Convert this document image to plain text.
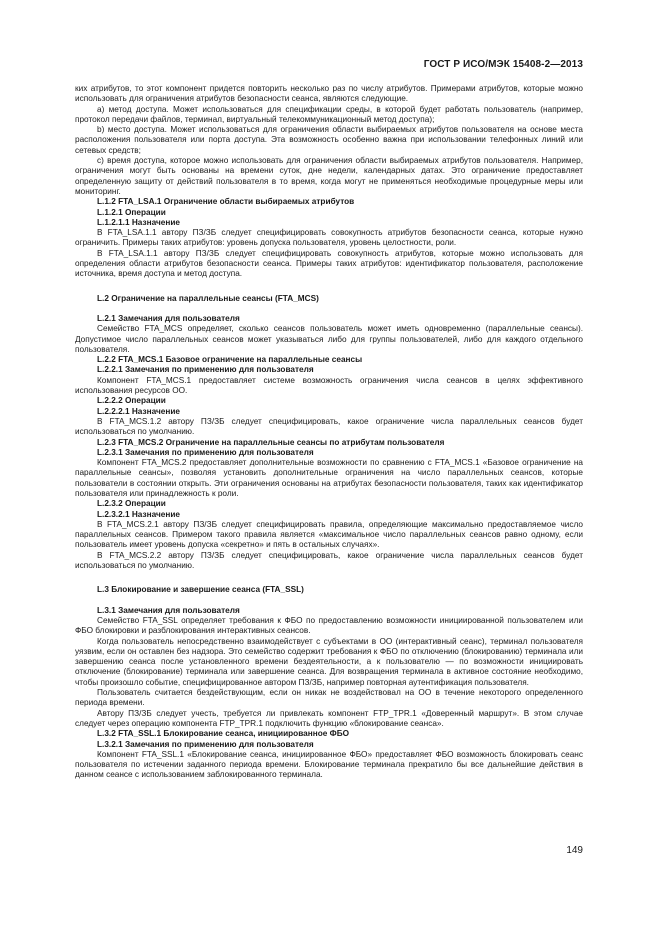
ГОСТ Р ИСО/МЭК 15408-2—2013

ких атрибутов, то этот компонент придется повторить несколько раз по числу атрибутов. Примерами атрибутов, которые можно использовать для ограничения атрибутов безопасности сеанса, являются следующие.

а) метод доступа. Может использоваться для спецификации среды, в которой будет работать пользователь (например, протокол передачи файлов, терминал, виртуальный телекоммуникационный метод доступа);

b) место доступа. Может использоваться для ограничения области выбираемых атрибутов пользователя на основе места расположения пользователя или порта доступа. Эта возможность особенно важна при использовании телефонных линий или сетевых средств;

с) время доступа, которое можно использовать для ограничения области выбираемых атрибутов пользователя. Например, ограничения могут быть основаны на времени суток, дне недели, календарных датах. Это ограничение предоставляет определенную защиту от действий пользователя в то время, когда могут не применяться необходимые процедурные меры или мониторинг.

L.1.2 FTA_LSA.1 Ограничение области выбираемых атрибутов

L.1.2.1 Операции

L.1.2.1.1 Назначение

В FTA_LSA.1.1 автору ПЗ/ЗБ следует специфицировать совокупность атрибутов безопасности сеанса, которые нужно ограничить. Примеры таких атрибутов: уровень допуска пользователя, уровень целостности, роли.

В FTA_LSA.1.1 автору ПЗ/ЗБ следует специфицировать совокупность атрибутов, которые можно использовать для определения области атрибутов безопасности сеанса. Примеры таких атрибутов: идентификатор пользователя, расположение источника, время доступа и метод доступа.

L.2 Ограничение на параллельные сеансы (FTA_MCS)

L.2.1 Замечания для пользователя

Семейство FTA_MCS определяет, сколько сеансов пользователь может иметь одновременно (параллельные сеансы). Допустимое число параллельных сеансов может указываться либо для группы пользователей, либо для каждого отдельного пользователя.

L.2.2 FTA_MCS.1 Базовое ограничение на параллельные сеансы

L.2.2.1 Замечания по применению для пользователя

Компонент FTA_MCS.1 предоставляет системе возможность ограничения числа сеансов в целях эффективного использования ресурсов ОО.

L.2.2.2 Операции

L.2.2.2.1 Назначение

В FTA_MCS.1.2 автору ПЗ/ЗБ следует специфицировать, какое ограничение числа параллельных сеансов будет использоваться по умолчанию.

L.2.3 FTA_MCS.2 Ограничение на параллельные сеансы по атрибутам пользователя

L.2.3.1 Замечания по применению для пользователя

Компонент FTA_MCS.2 предоставляет дополнительные возможности по сравнению с FTA_MCS.1 «Базовое ограничение на параллельные сеансы», позволяя установить дополнительные ограничения на число параллельных сеансов, которые пользователи в состоянии открыть. Эти ограничения основаны на атрибутах безопасности пользователя, таких как идентификатор пользователя или принадлежность к роли.

L.2.3.2 Операции

L.2.3.2.1 Назначение

В FTA_MCS.2.1 автору ПЗ/ЗБ следует специфицировать правила, определяющие максимально предоставляемое число параллельных сеансов. Примером такого правила является «максимальное число параллельных сеансов равно одному, если пользователь имеет уровень допуска «секретно» и пять в остальных случаях».

В FTA_MCS.2.2 автору ПЗ/ЗБ следует специфицировать, какое ограничение числа параллельных сеансов будет использоваться по умолчанию.

L.3 Блокирование и завершение сеанса (FTA_SSL)

L.3.1 Замечания для пользователя

Семейство FTA_SSL определяет требования к ФБО по предоставлению возможности инициированной пользователем или ФБО блокировки и разблокирования интерактивных сеансов.

Когда пользователь непосредственно взаимодействует с субъектами в ОО (интерактивный сеанс), терминал пользователя уязвим, если он оставлен без надзора. Это семейство содержит требования к ФБО по отключению (блокированию) терминала или завершению сеанса после установленного времени бездеятельности, а к пользователю — по возможности инициировать отключение (блокирование) терминала или завершение сеанса. Для возвращения терминала в активное состояние необходимо, чтобы произошло событие, специфицированное автором ПЗ/ЗБ, например повторная аутентификация пользователя.

Пользователь считается бездействующим, если он никак не воздействовал на ОО в течение некоторого определенного периода времени.

Автору ПЗ/ЗБ следует учесть, требуется ли привлекать компонент FTP_TPR.1 «Доверенный маршрут». В этом случае следует через операцию компонента FTP_TPR.1 подключить функцию «блокирование сеанса».

L.3.2 FTA_SSL.1 Блокирование сеанса, инициированное ФБО

L.3.2.1 Замечания по применению для пользователя

Компонент FTA_SSL.1 «Блокирование сеанса, инициированное ФБО» предоставляет ФБО возможность блокировать сеанс пользователя по истечении заданного периода времени. Блокирование терминала прекратило бы все дальнейшие действия в данном сеансе с использованием заблокированного терминала.

149
